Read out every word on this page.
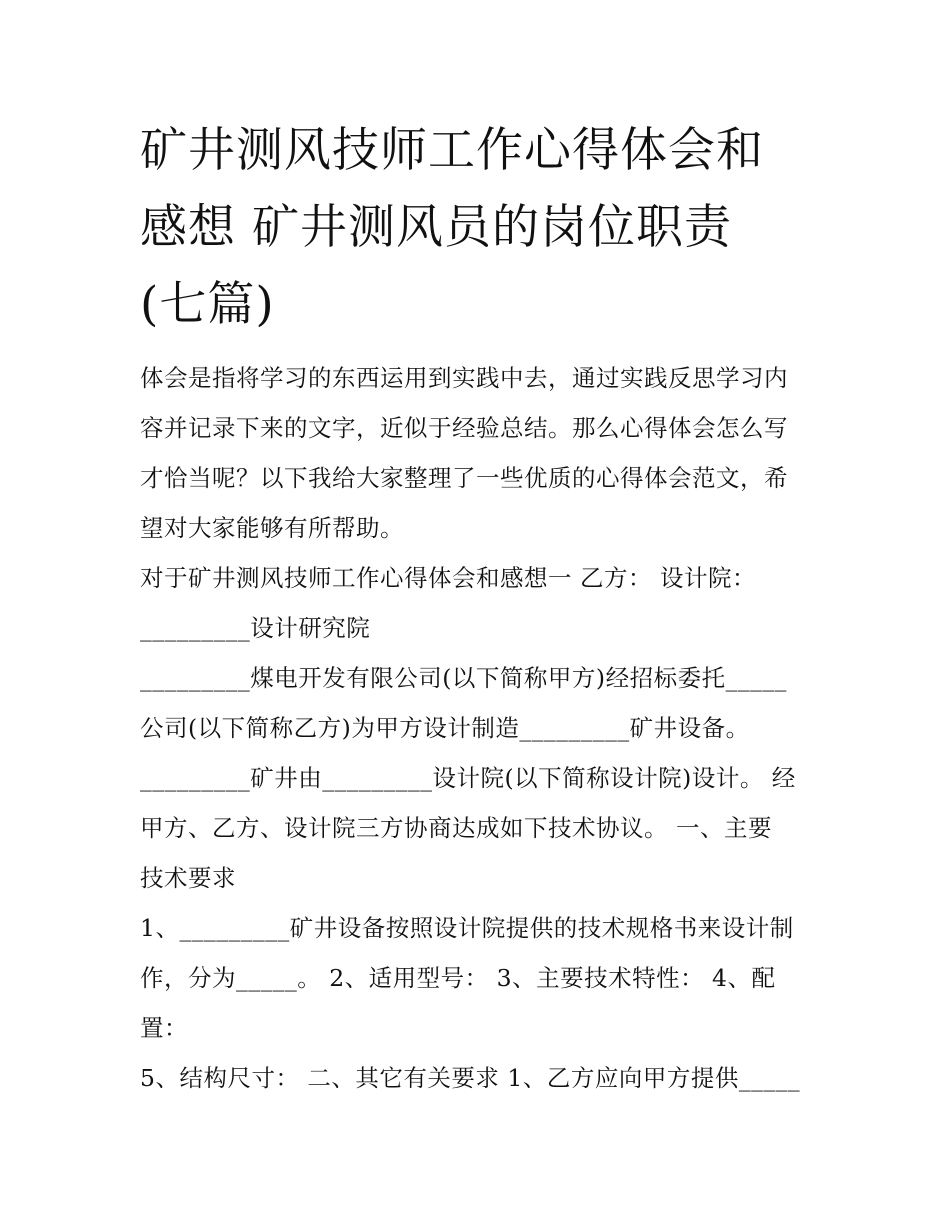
矿井测风技师工作心得体会和
感想 矿井测风员的岗位职责
(七篇)
体会是指将学习的东西运用到实践中去，通过实践反思学习内
容并记录下来的文字，近似于经验总结。那么心得体会怎么写
才恰当呢？以下我给大家整理了一些优质的心得体会范文，希
望对大家能够有所帮助。
对于矿井测风技师工作心得体会和感想一 乙方： 设计院：
_________设计研究院
_________煤电开发有限公司(以下简称甲方)经招标委托_____
公司(以下简称乙方)为甲方设计制造_________矿井设备。
_________矿井由_________设计院(以下简称设计院)设计。 经
甲方、乙方、设计院三方协商达成如下技术协议。 一、主要
技术要求
1、_________矿井设备按照设计院提供的技术规格书来设计制
作，分为_____。 2、适用型号： 3、主要技术特性： 4、配
置：
5、结构尺寸： 二、其它有关要求 1、乙方应向甲方提供_____
